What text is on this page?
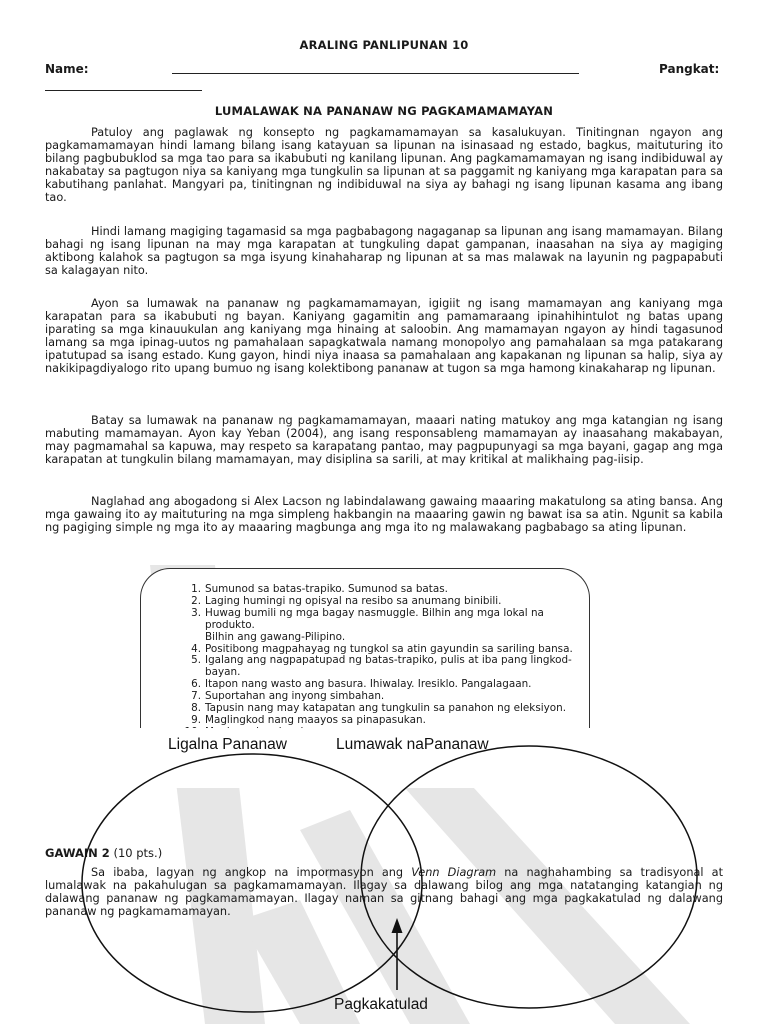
ARALING PANLIPUNAN 10
Name:	Pangkat:
LUMALAWAK NA PANANAW NG PAGKAMAMAMAYAN

Patuloy ang paglawak ng konsepto ng pagkamamamayan sa kasalukuyan. Tinitingnan ngayon ang pagkamamamayan hindi lamang bilang isang katayuan sa lipunan na isinasaad ng estado, bagkus, maituturing ito bilang pagbubuklod sa mga tao para sa ikabubuti ng kanilang lipunan. Ang pagkamamamayan ng isang indibiduwal ay nakabatay sa pagtugon niya sa kaniyang mga tungkulin sa lipunan at sa paggamit ng kaniyang mga karapatan para sa kabutihang panlahat. Mangyari pa, tinitingnan ng indibiduwal na siya ay bahagi ng isang lipunan kasama ang ibang tao.

Hindi lamang magiging tagamasid sa mga pagbabagong nagaganap sa lipunan ang isang mamamayan. Bilang bahagi ng isang lipunan na may mga karapatan at tungkuling dapat gampanan, inaasahan na siya ay magiging aktibong kalahok sa pagtugon sa mga isyung kinahaharap ng lipunan at sa mas malawak na layunin ng pagpapabuti sa kalagayan nito.

Ayon sa lumawak na pananaw ng pagkamamamayan, igigiit ng isang mamamayan ang kaniyang mga karapatan para sa ikabubuti ng bayan. Kaniyang gagamitin ang pamamaraang ipinahihintulot ng batas upang iparating sa mga kinauukulan ang kaniyang mga hinaing at saloobin. Ang mamamayan ngayon ay hindi tagasunod lamang sa mga ipinag-uutos ng pamahalaan sapagkatwala namang monopolyo ang pamahalaan sa mga patakarang ipatutupad sa isang estado. Kung gayon, hindi niya inaasa sa pamahalaan ang kapakanan ng lipunan sa halip, siya ay nakikipagdiyalogo rito upang bumuo ng isang kolektibong pananaw at tugon sa mga hamong kinakaharap ng lipunan.

Batay sa lumawak na pananaw ng pagkamamamayan, maaari nating matukoy ang mga katangian ng isang mabuting mamamayan. Ayon kay Yeban (2004), ang isang responsableng mamamayan ay inaasahang makabayan, may pagmamahal sa kapuwa, may respeto sa karapatang pantao, may pagpupunyagi sa mga bayani, gagap ang mga karapatan at tungkulin bilang mamamayan, may disiplina sa sarili, at may kritikal at malikhaing pag-iisip.

Naglahad ang abogadong si Alex Lacson ng labindalawang gawaing maaaring makatulong sa ating bansa. Ang mga gawaing ito ay maituturing na mga simpleng hakbangin na maaaring gawin ng bawat isa sa atin. Ngunit sa kabila ng pagiging simple ng mga ito ay maaaring magbunga ang mga ito ng malawakang pagbabago sa ating lipunan.

1. Sumunod sa batas-trapiko. Sumunod sa batas.
2. Laging humingi ng opisyal na resibo sa anumang binibili.
3. Huwag bumili ng mga bagay nasmuggle. Bilhin ang mga lokal na produkto.
Bilhin ang gawang-Pilipino.
4. Positibong magpahayag ng tungkol sa atin gayundin sa sariling bansa.
5. Igalang ang nagpapatupad ng batas-trapiko, pulis at iba pang lingkod-
bayan.
6. Itapon nang wasto ang basura. Ihiwalay. Iresiklo. Pangalagaan.
7. Suportahan ang inyong simbahan.
8. Tapusin nang may katapatan ang tungkulin sa panahon ng eleksiyon.
9. Maglingkod nang maayos sa pinapasukan.
Ligalna Pananaw	Lumawak naPananaw
GAWAIN 2 (10 pts.)

Sa ibaba, lagyan ng angkop na impormasyon ang Venn Diagram na naghahambing sa tradisyonal at lumalawak na pakahulugan sa pagkamamamayan. Ilagay sa dalawang bilog ang mga natatanging katangian ng dalawang pananaw ng pagkamamamayan. Ilagay naman sa gitnang bahagi ang mga pagkakatulad ng dalawang pananaw ng pagkamamamayan.

Pagkakatulad
